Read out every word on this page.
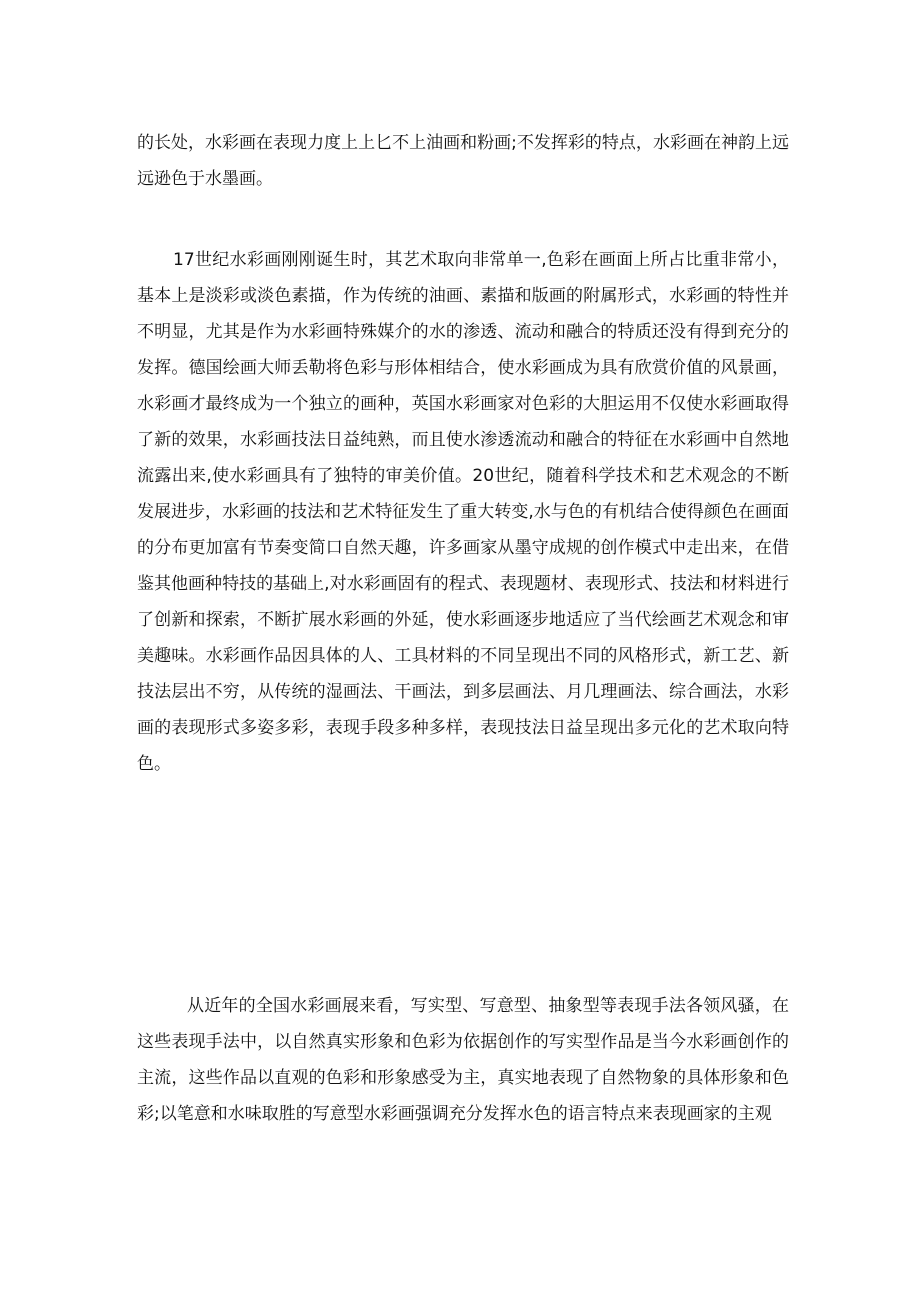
的长处，水彩画在表现力度上上匕不上油画和粉画;不发挥彩的特点，水彩画在神韵上远远逊色于水墨画。

17世纪水彩画刚刚诞生时，其艺术取向非常单一,色彩在画面上所占比重非常小，基本上是淡彩或淡色素描，作为传统的油画、素描和版画的附属形式，水彩画的特性并不明显，尤其是作为水彩画特殊媒介的水的渗透、流动和融合的特质还没有得到充分的发挥。德国绘画大师丢勒将色彩与形体相结合，使水彩画成为具有欣赏价值的风景画，水彩画才最终成为一个独立的画种，英国水彩画家对色彩的大胆运用不仅使水彩画取得了新的效果，水彩画技法日益纯熟，而且使水渗透流动和融合的特征在水彩画中自然地流露出来,使水彩画具有了独特的审美价值。20世纪，随着科学技术和艺术观念的不断发展进步，水彩画的技法和艺术特征发生了重大转变,水与色的有机结合使得颜色在画面的分布更加富有节奏变简口自然天趣，许多画家从墨守成规的创作模式中走出来，在借鉴其他画种特技的基础上,对水彩画固有的程式、表现题材、表现形式、技法和材料进行了创新和探索，不断扩展水彩画的外延，使水彩画逐步地适应了当代绘画艺术观念和审美趣味。水彩画作品因具体的人、工具材料的不同呈现出不同的风格形式，新工艺、新技法层出不穷，从传统的湿画法、干画法，到多层画法、月几理画法、综合画法，水彩画的表现形式多姿多彩，表现手段多种多样，表现技法日益呈现出多元化的艺术取向特色。

从近年的全国水彩画展来看，写实型、写意型、抽象型等表现手法各领风骚，在这些表现手法中，以自然真实形象和色彩为依据创作的写实型作品是当今水彩画创作的主流，这些作品以直观的色彩和形象感受为主，真实地表现了自然物象的具体形象和色彩;以笔意和水味取胜的写意型水彩画强调充分发挥水色的语言特点来表现画家的主观
